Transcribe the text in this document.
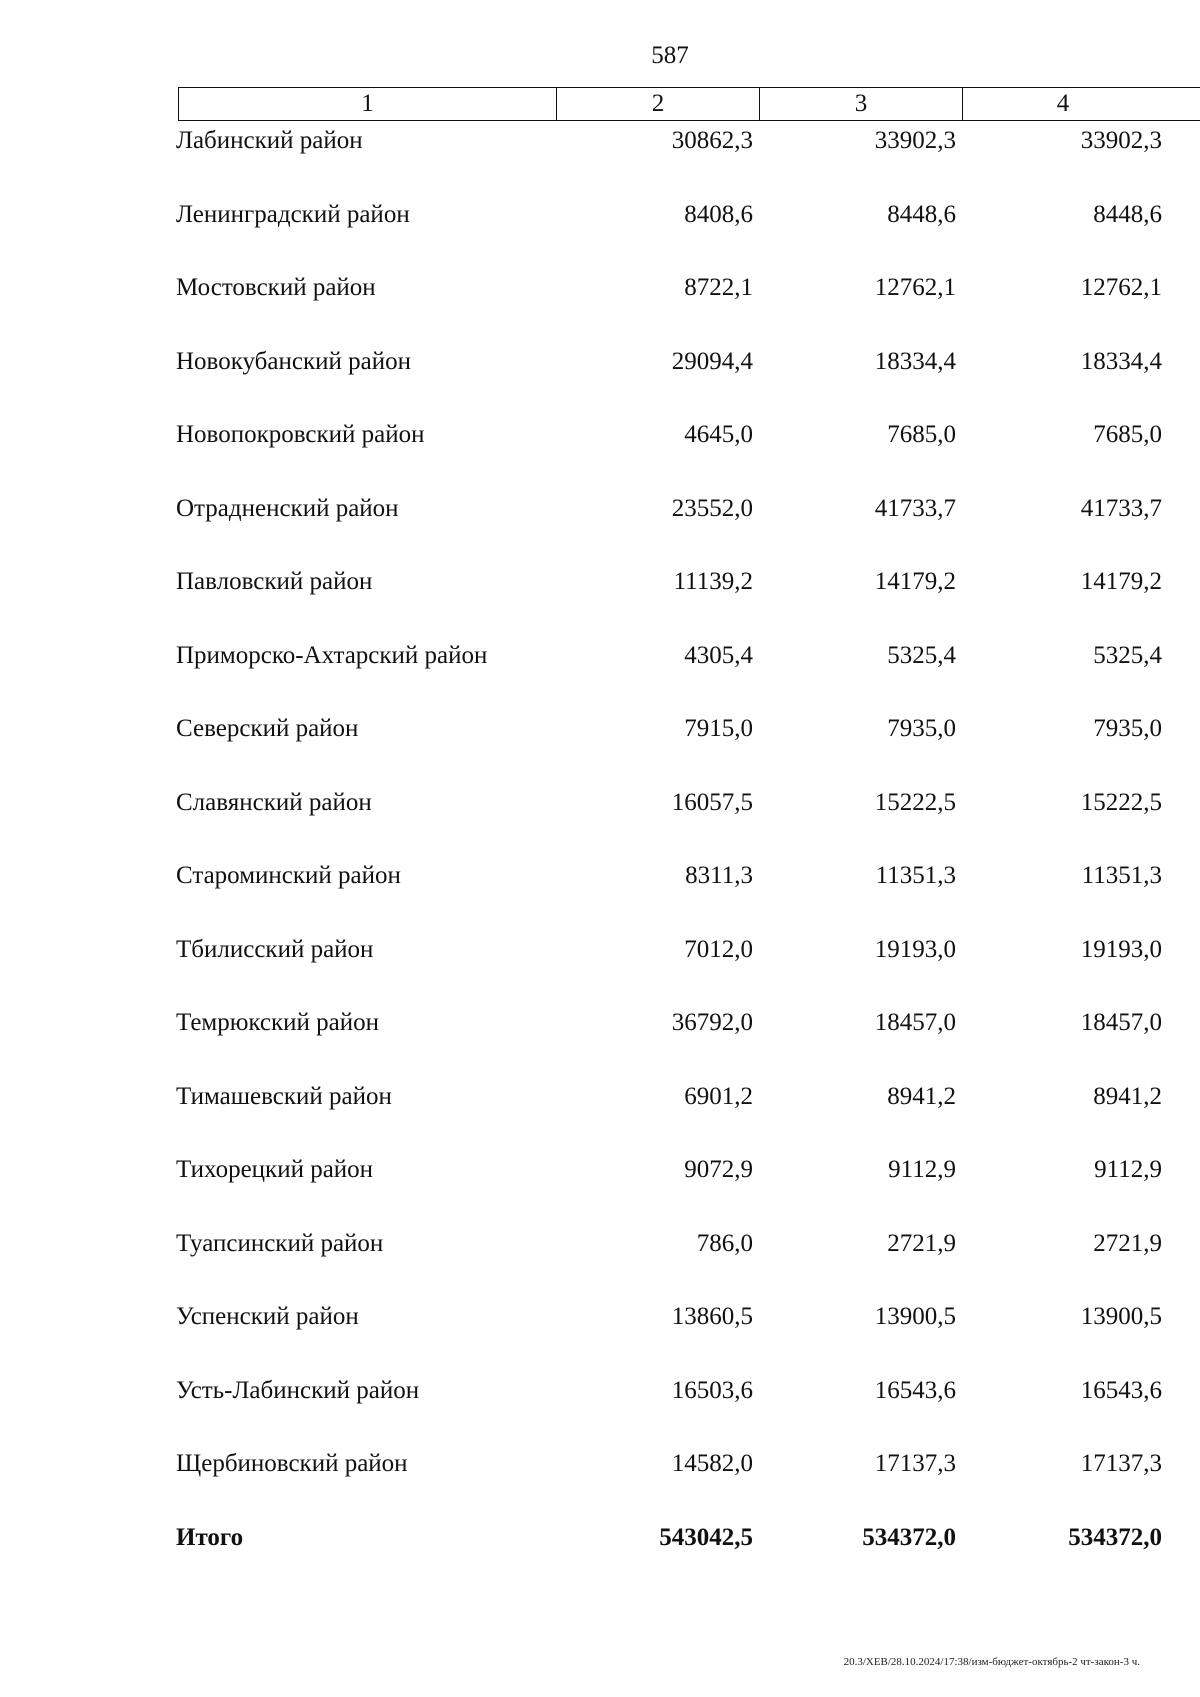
587
1	2	3	4
Лабинский район	30862,3	33902,3	33902,3
Ленинградский район	8408,6	8448,6	8448,6
Мостовский район	8722,1	12762,1	12762,1
Новокубанский район	29094,4	18334,4	18334,4
Новопокровский район	4645,0	7685,0	7685,0
Отрадненский район	23552,0	41733,7	41733,7
Павловский район	11139,2	14179,2	14179,2
Приморско-Ахтарский район	4305,4	5325,4	5325,4
Северский район	7915,0	7935,0	7935,0
Славянский район	16057,5	15222,5	15222,5
Староминский район	8311,3	11351,3	11351,3
Тбилисский район	7012,0	19193,0	19193,0
Темрюкский район	36792,0	18457,0	18457,0
Тимашевский район	6901,2	8941,2	8941,2
Тихорецкий район	9072,9	9112,9	9112,9
Туапсинский район	786,0	2721,9	2721,9
Успенский район	13860,5	13900,5	13900,5
Усть-Лабинский район	16503,6	16543,6	16543,6
Щербиновский район	14582,0	17137,3	17137,3
Итого	543042,5	534372,0	534372,0
20.3/ХЕВ/28.10.2024/17:38/изм-бюджет-октябрь-2 чт-закон-3 ч.
